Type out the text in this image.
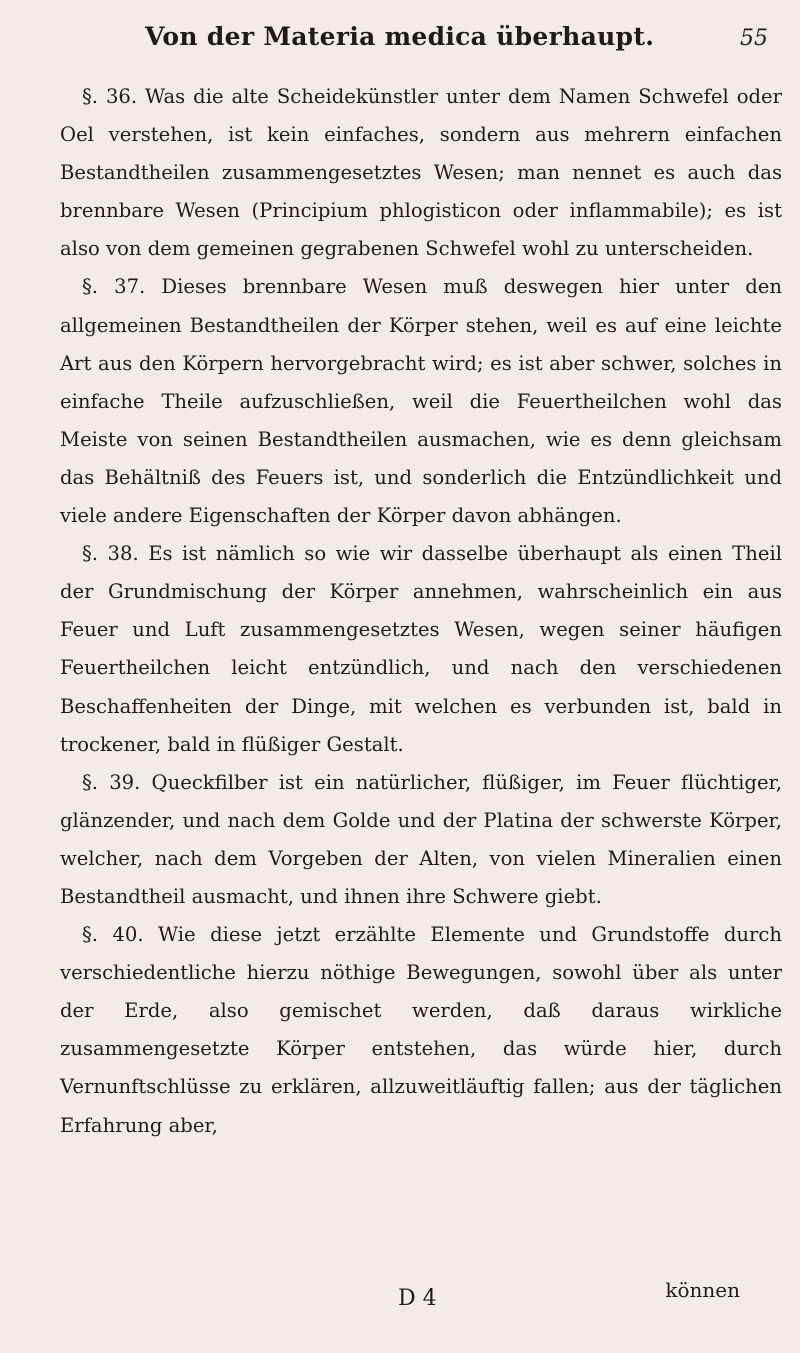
Von der Materia medica überhaupt.	55

§. 36. Was die alte Scheidekünstler unter dem Namen Schwefel oder Oel verstehen, ist kein einfaches, sondern aus mehrern einfachen Bestandtheilen zusammengesetztes Wesen; man nennet es auch das brennbare Wesen (Principium phlogisticon oder inflammabile); es ist also von dem gemeinen gegrabenen Schwefel wohl zu unterscheiden.

§. 37. Dieses brennbare Wesen muß deswegen hier unter den allgemeinen Bestandtheilen der Körper stehen, weil es auf eine leichte Art aus den Körpern hervorgebracht wird; es ist aber schwer, solches in einfache Theile aufzuschließen, weil die Feuertheilchen wohl das Meiste von seinen Bestandtheilen ausmachen, wie es denn gleichsam das Behältniß des Feuers ist, und sonderlich die Entzündlichkeit und viele andere Eigenschaften der Körper davon abhängen.

§. 38. Es ist nämlich so wie wir dasselbe überhaupt als einen Theil der Grundmischung der Körper annehmen, wahrscheinlich ein aus Feuer und Luft zusammengesetztes Wesen, wegen seiner häufigen Feuertheilchen leicht entzündlich, und nach den verschiedenen Beschaffenheiten der Dinge, mit welchen es verbunden ist, bald in trockener, bald in flüßiger Gestalt.

§. 39. Queckfilber ist ein natürlicher, flüßiger, im Feuer flüchtiger, glänzender, und nach dem Golde und der Platina der schwerste Körper, welcher, nach dem Vorgeben der Alten, von vielen Mineralien einen Bestandtheil ausmacht, und ihnen ihre Schwere giebt.

§. 40. Wie diese jetzt erzählte Elemente und Grundstoffe durch verschiedentliche hierzu nöthige Bewegungen, sowohl über als unter der Erde, also gemischet werden, daß daraus wirkliche zusammengesetzte Körper entstehen, das würde hier, durch Vernunftschlüsse zu erklären, allzuweitläuftig fallen; aus der täglichen Erfahrung aber,

D 4	können
